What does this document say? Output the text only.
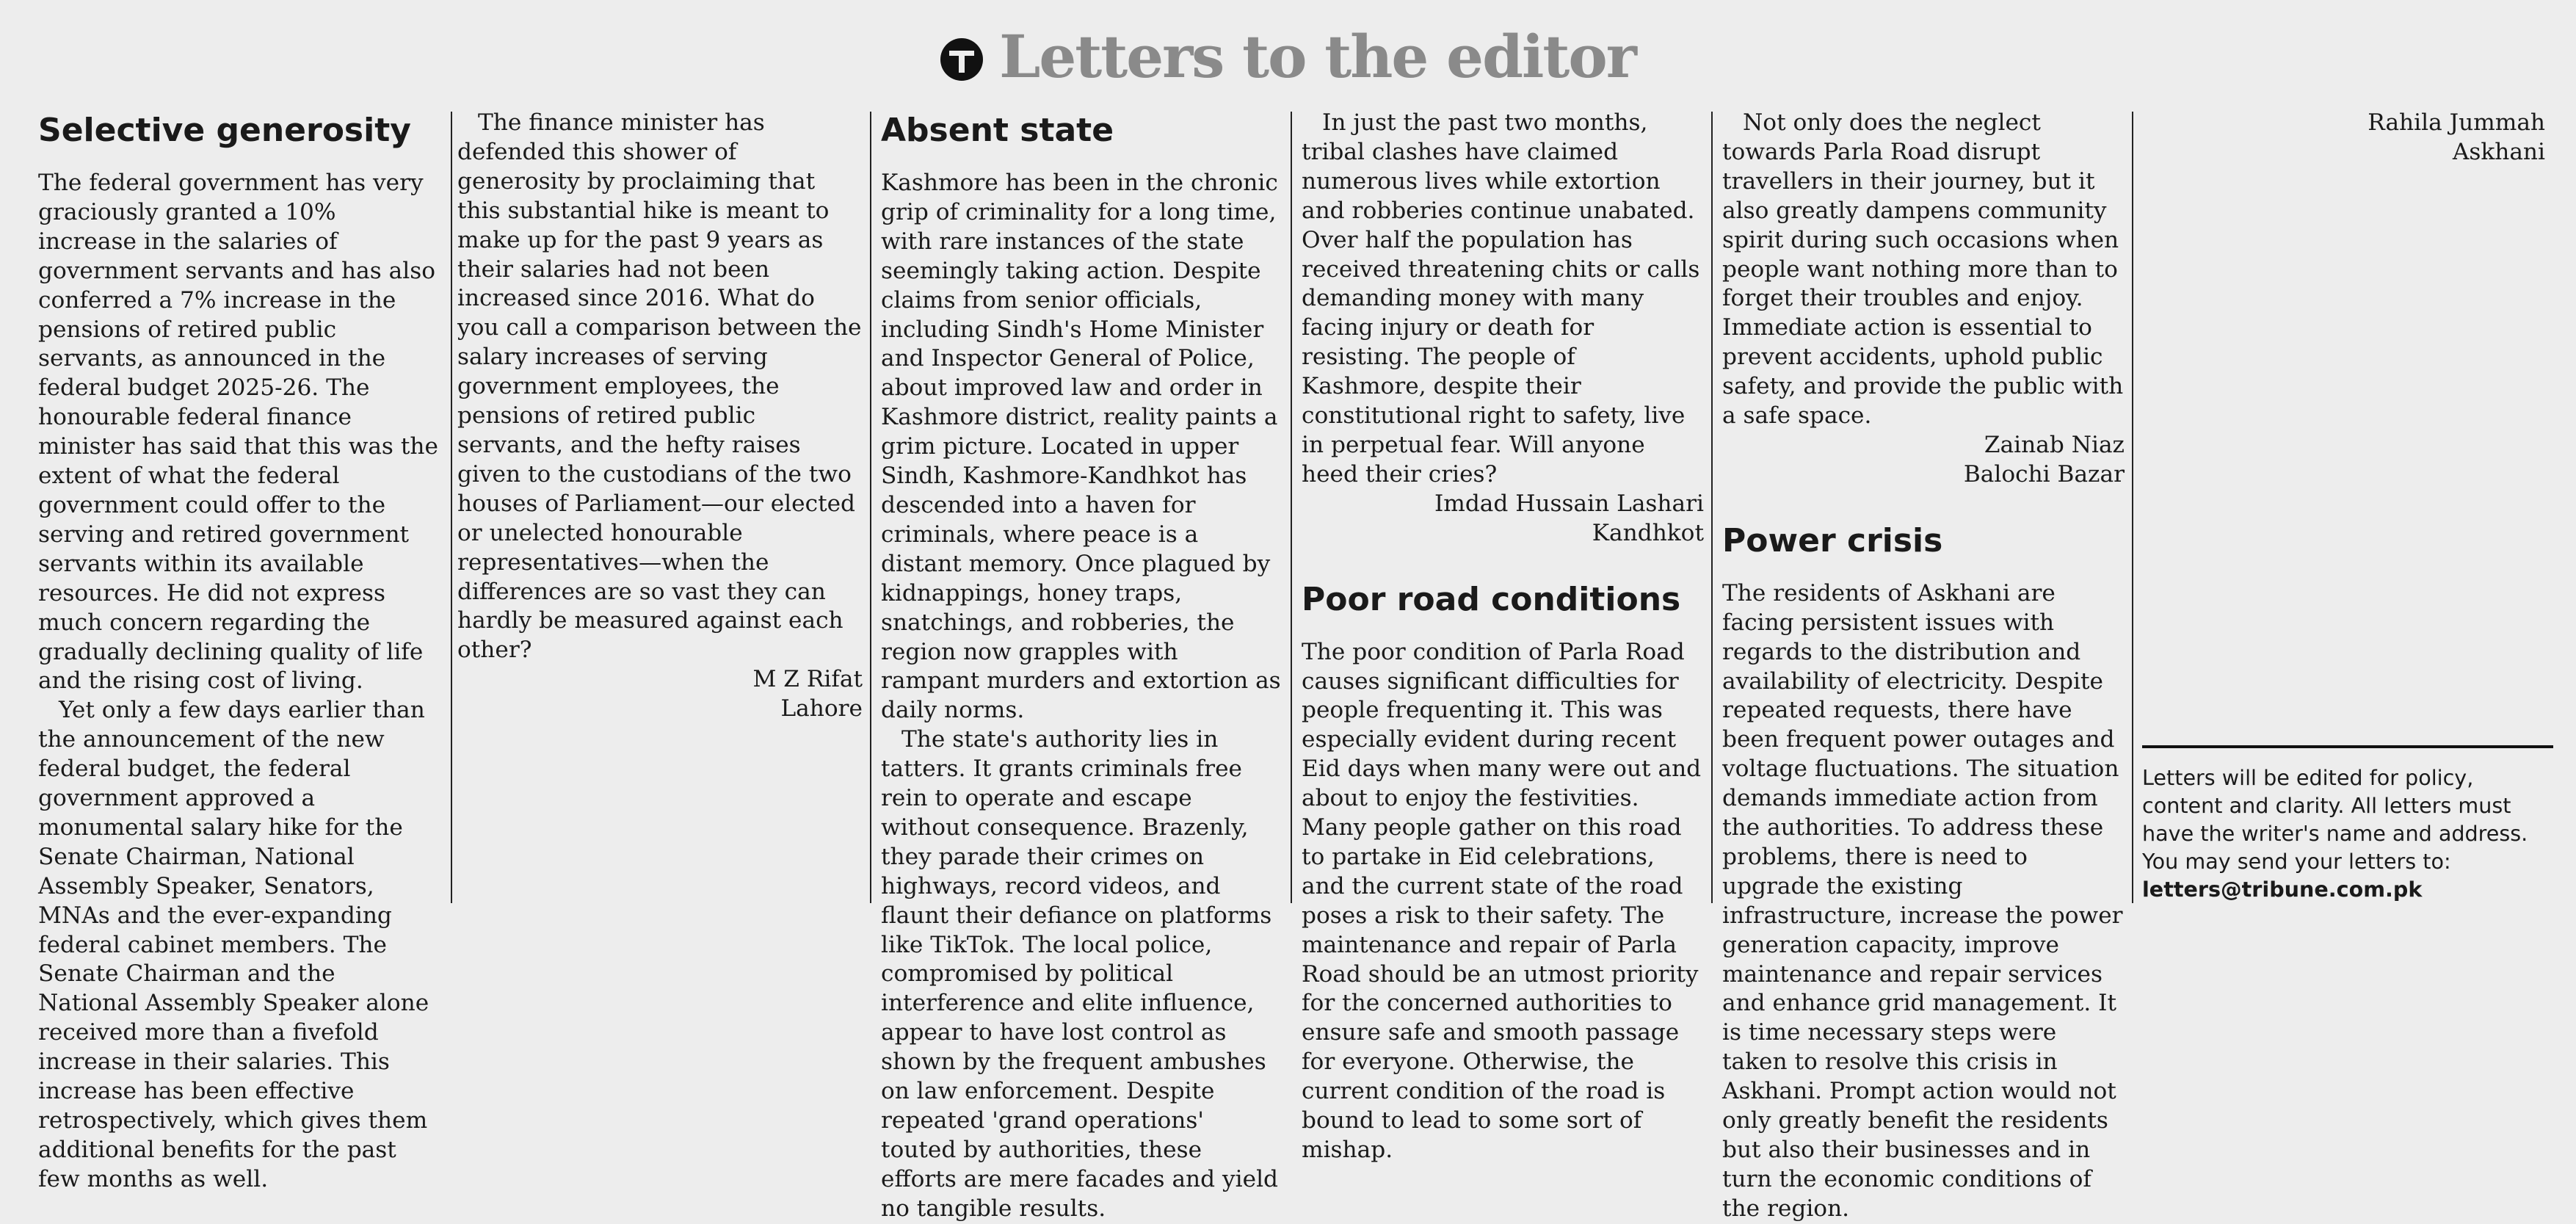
Letters to the editor
Selective generosity

The federal government has very graciously granted a 10% increase in the salaries of government servants and has also conferred a 7% increase in the pensions of retired public servants, as announced in the federal budget 2025-26. The honourable federal finance minister has said that this was the extent of what the federal government could offer to the serving and retired government servants within its available resources. He did not express much concern regarding the gradually declining quality of life and the rising cost of living.

Yet only a few days earlier than the announcement of the new federal budget, the federal government approved a monumental salary hike for the Senate Chairman, National Assembly Speaker, Senators, MNAs and the ever-expanding federal cabinet members. The Senate Chairman and the National Assembly Speaker alone received more than a fivefold increase in their salaries. This increase has been effective retrospectively, which gives them additional benefits for the past few months as well.

The finance minister has defended this shower of generosity by proclaiming that this substantial hike is meant to make up for the past 9 years as their salaries had not been increased since 2016. What do you call a comparison between the salary increases of serving government employees, the pensions of retired public servants, and the hefty raises given to the custodians of the two houses of Parliament—our elected or unelected honourable representatives—when the differences are so vast they can hardly be measured against each other?

M Z Rifat

Lahore

Absent state

Kashmore has been in the chronic grip of criminality for a long time, with rare instances of the state seemingly taking action. Despite claims from senior officials, including Sindh's Home Minister and Inspector General of Police, about improved law and order in Kashmore district, reality paints a grim picture. Located in upper Sindh, Kashmore-Kandhkot has descended into a haven for criminals, where peace is a distant memory. Once plagued by kidnappings, honey traps, snatchings, and robberies, the region now grapples with rampant murders and extortion as daily norms.

The state's authority lies in tatters. It grants criminals free rein to operate and escape without consequence. Brazenly, they parade their crimes on highways, record videos, and flaunt their defiance on platforms like TikTok. The local police, compromised by political interference and elite influence, appear to have lost control as shown by the frequent ambushes on law enforcement. Despite repeated 'grand operations' touted by authorities, these efforts are mere facades and yield no tangible results.

In just the past two months, tribal clashes have claimed numerous lives while extortion and robberies continue unabated. Over half the population has received threatening chits or calls demanding money with many facing injury or death for resisting. The people of Kashmore, despite their constitutional right to safety, live in perpetual fear. Will anyone heed their cries?

Imdad Hussain Lashari

Kandhkot

Poor road conditions

The poor condition of Parla Road causes significant difficulties for people frequenting it. This was especially evident during recent Eid days when many were out and about to enjoy the festivities. Many people gather on this road to partake in Eid celebrations, and the current state of the road poses a risk to their safety. The maintenance and repair of Parla Road should be an utmost priority for the concerned authorities to ensure safe and smooth passage for everyone. Otherwise, the current condition of the road is bound to lead to some sort of mishap.

Not only does the neglect towards Parla Road disrupt travellers in their journey, but it also greatly dampens community spirit during such occasions when people want nothing more than to forget their troubles and enjoy. Immediate action is essential to prevent accidents, uphold public safety, and provide the public with a safe space.

Zainab Niaz

Balochi Bazar

Power crisis

The residents of Askhani are facing persistent issues with regards to the distribution and availability of electricity. Despite repeated requests, there have been frequent power outages and voltage fluctuations. The situation demands immediate action from the authorities. To address these problems, there is need to upgrade the existing infrastructure, increase the power generation capacity, improve maintenance and repair services and enhance grid management. It is time necessary steps were taken to resolve this crisis in Askhani. Prompt action would not only greatly benefit the residents but also their businesses and in turn the economic conditions of the region.

Rahila Jummah

Askhani

Letters will be edited for policy, content and clarity. All letters must have the writer's name and address. You may send your letters to:

letters@tribune.com.pk
